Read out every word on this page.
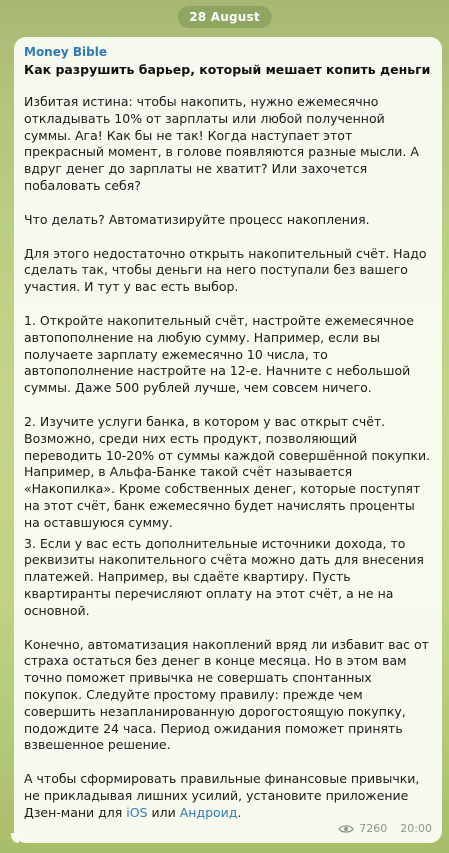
28 August
Money Bible
Как разрушить барьер, который мешает копить деньги

Избитая истина: чтобы накопить, нужно ежемесячно откладывать 10% от зарплаты или любой полученной суммы. Ага! Как бы не так! Когда наступает этот прекрасный момент, в голове появляются разные мысли. А вдруг денег до зарплаты не хватит? Или захочется побаловать себя?

Что делать? Автоматизируйте процесс накопления.

Для этого недостаточно открыть накопительный счёт. Надо сделать так, чтобы деньги на него поступали без вашего участия. И тут у вас есть выбор.

1. Откройте накопительный счёт, настройте ежемесячное автопополнение на любую сумму. Например, если вы получаете зарплату ежемесячно 10 числа, то автопополнение настройте на 12-е. Начните с небольшой суммы. Даже 500 рублей лучше, чем совсем ничего.

2. Изучите услуги банка, в котором у вас открыт счёт. Возможно, среди них есть продукт, позволяющий переводить 10-20% от суммы каждой совершённой покупки. Например, в Альфа-Банке такой счёт называется «Накопилка». Кроме собственных денег, которые поступят на этот счёт, банк ежемесячно будет начислять проценты на оставшуюся сумму.

3. Если у вас есть дополнительные источники дохода, то реквизиты накопительного счёта можно дать для внесения платежей. Например, вы сдаёте квартиру. Пусть квартиранты перечисляют оплату на этот счёт, а не на основной.

Конечно, автоматизация накоплений вряд ли избавит вас от страха остаться без денег в конце месяца. Но в этом вам точно поможет привычка не совершать спонтанных покупок. Следуйте простому правилу: прежде чем совершить незапланированную дорогостоящую покупку, подождите 24 часа. Период ожидания поможет принять взвешенное решение.

А чтобы сформировать правильные финансовые привычки, не прикладывая лишних усилий, установите приложение Дзен-мани для iOS или Андроид.

7260 20:00
